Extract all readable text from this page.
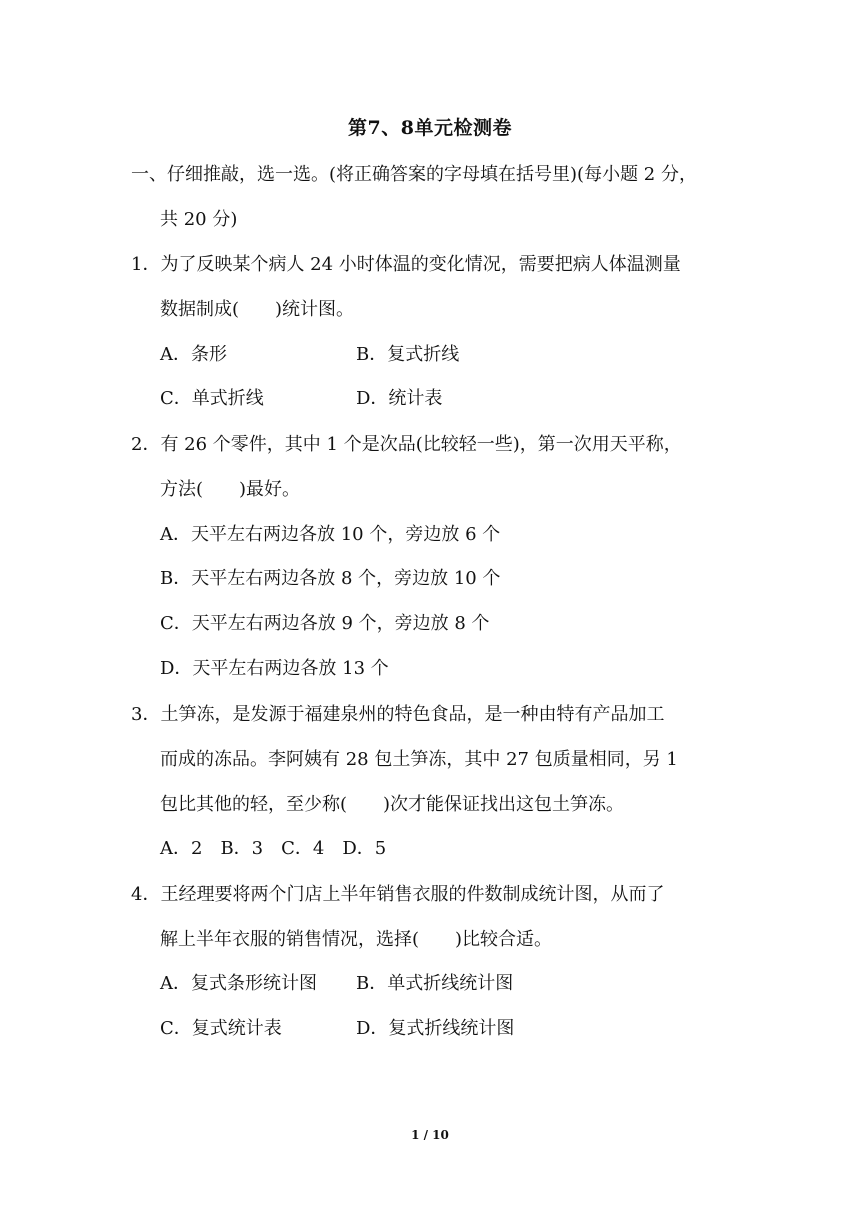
第7、8单元检测卷
一、仔细推敲，选一选。(将正确答案的字母填在括号里)(每小题 2 分，
共 20 分)
1．为了反映某个病人 24 小时体温的变化情况，需要把病人体温测量
数据制成(　　)统计图。
A．条形	B．复式折线
C．单式折线	D．统计表
2．有 26 个零件，其中 1 个是次品(比较轻一些)，第一次用天平称，
方法(　　)最好。
A．天平左右两边各放 10 个，旁边放 6 个
B．天平左右两边各放 8 个，旁边放 10 个
C．天平左右两边各放 9 个，旁边放 8 个
D．天平左右两边各放 13 个
3．土笋冻，是发源于福建泉州的特色食品，是一种由特有产品加工
而成的冻品。李阿姨有 28 包土笋冻，其中 27 包质量相同，另 1
包比其他的轻，至少称(　　)次才能保证找出这包土笋冻。
A．2　B．3　C．4　D．5
4．王经理要将两个门店上半年销售衣服的件数制成统计图，从而了
解上半年衣服的销售情况，选择(　　)比较合适。
A．复式条形统计图 B．单式折线统计图
C．复式统计表	D．复式折线统计图
1 / 10
